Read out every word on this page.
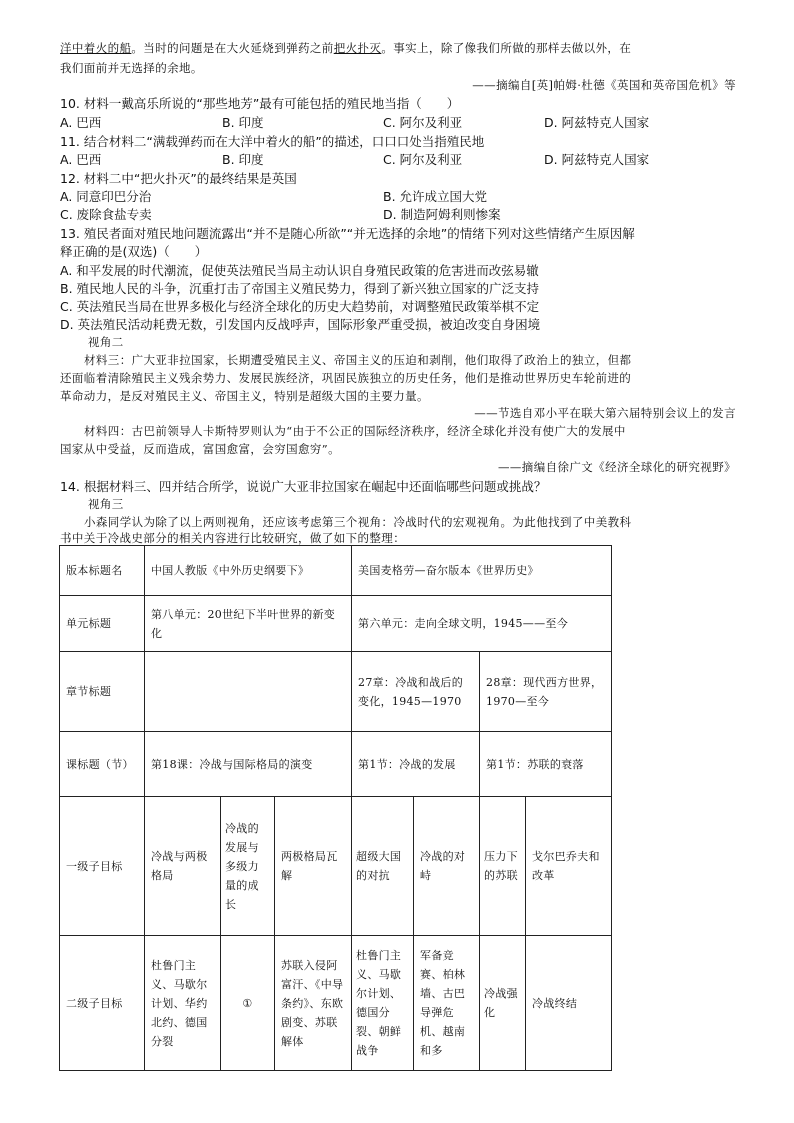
洋中着火的船。当时的问题是在大火延烧到弹药之前把火扑灭。事实上，除了像我们所做的那样去做以外，在
我们面前并无选择的余地。
——摘编自[英]帕姆·杜德《英国和英帝国危机》等
10. 材料一戴高乐所说的“那些地芳”最有可能包括的殖民地当指（　　）
A. 巴西	B. 印度	C. 阿尔及利亚	D. 阿兹特克人国家
11. 结合材料二“满载弹药而在大洋中着火的船”的描述，口口口处当指殖民地
A. 巴西	B. 印度	C. 阿尔及利亚	D. 阿兹特克人国家
12. 材料二中“把火扑灭”的最终结果是英国
A. 同意印巴分治	B. 允许成立国大党
C. 废除食盐专卖	D. 制造阿姆利则惨案
13. 殖民者面对殖民地问题流露出“并不是随心所欲”“并无选择的余地”的情绪下列对这些情绪产生原因解
释正确的是(双选)（　　）
A. 和平发展的时代潮流，促使英法殖民当局主动认识自身殖民政策的危害进而改弦易辙
B. 殖民地人民的斗争，沉重打击了帝国主义殖民势力，得到了新兴独立国家的广泛支持
C. 英法殖民当局在世界多极化与经济全球化的历史大趋势前，对调整殖民政策举棋不定
D. 英法殖民活动耗费无数，引发国内反战呼声，国际形象严重受损，被迫改变自身困境
视角二
材料三：广大亚非拉国家，长期遭受殖民主义、帝国主义的压迫和剥削，他们取得了政治上的独立，但都
还面临着清除殖民主义残余势力、发展民族经济，巩固民族独立的历史任务，他们是推动世界历史车轮前进的
革命动力，是反对殖民主义、帝国主义，特别是超级大国的主要力量。
——节选自邓小平在联大第六届特别会议上的发言
材料四：古巴前领导人卡斯特罗则认为“由于不公正的国际经济秩序，经济全球化并没有使广大的发展中
国家从中受益，反而造成，富国愈富，会穷国愈穷”。
——摘编自徐广文《经济全球化的研究视野》
14. 根据材料三、四并结合所学，说说广大亚非拉国家在崛起中还面临哪些问题或挑战？
视角三
小森同学认为除了以上两则视角，还应该考虑第三个视角：冷战时代的宏观视角。为此他找到了中美教科
书中关于冷战史部分的相关内容进行比较研究，做了如下的整理：
版本标题名	中国人教版《中外历史纲要下》			美国麦格劳—奋尔版本《世界历史》			
单元标题	第八单元：20世纪下半叶世界的新变化			第六单元：走向全球文明，1945——至今			
章节标题				27章：冷战和战后的变化，1945—1970		28章：现代西方世界，1970—至今	
课标题（节）	第18课：冷战与国际格局的演变			第1节：冷战的发展		第1节：苏联的衰落	
一级子目标	冷战与两极格局	冷战的发展与多级力量的成长	两极格局瓦解	超级大国的对抗	冷战的对峙	压力下的苏联	戈尔巴乔夫和改革
二级子目标	杜鲁门主义、马歇尔计划、华约北约、德国分裂	①	苏联入侵阿富汗、《中导条约》、东欧剧变、苏联解体	杜鲁门主义、马歇尔计划、德国分裂、朝鲜战争	军备竞赛、柏林墙、古巴导弹危机、越南和多	冷战强化	冷战终结
